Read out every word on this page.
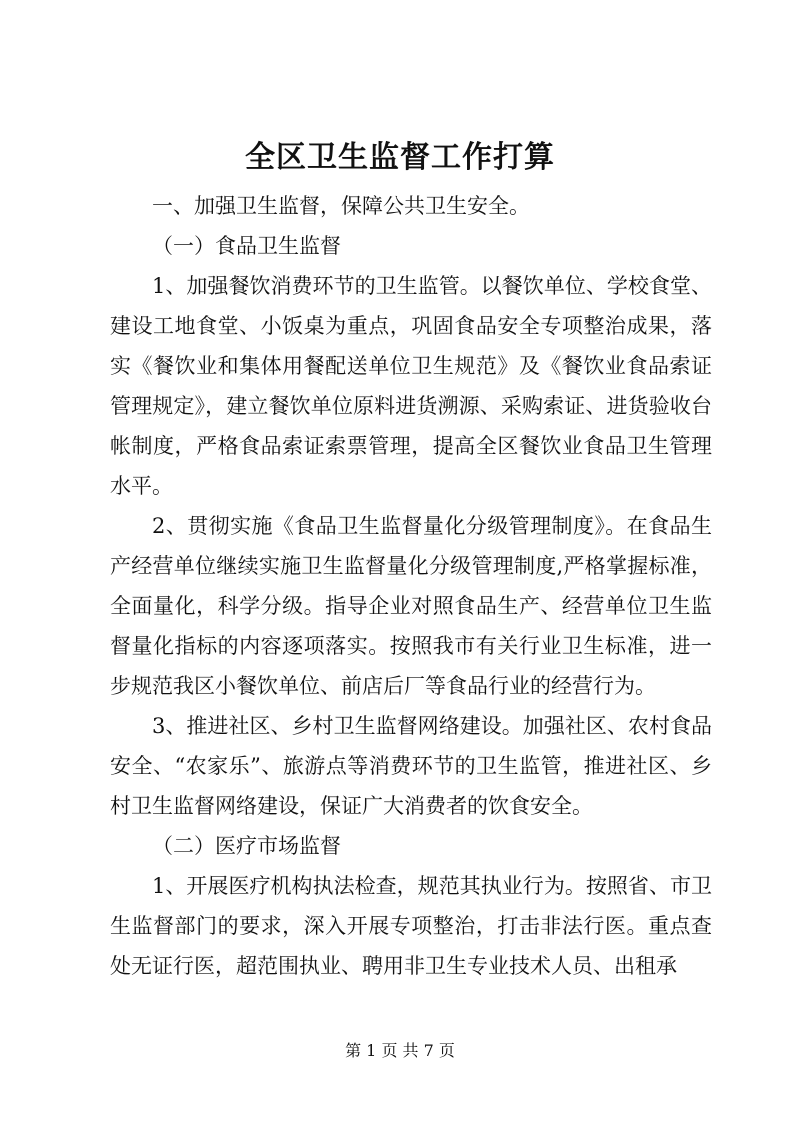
全区卫生监督工作打算

一、加强卫生监督，保障公共卫生安全。

（一）食品卫生监督

1、加强餐饮消费环节的卫生监管。以餐饮单位、学校食堂、建设工地食堂、小饭桌为重点，巩固食品安全专项整治成果，落实《餐饮业和集体用餐配送单位卫生规范》及《餐饮业食品索证管理规定》，建立餐饮单位原料进货溯源、采购索证、进货验收台帐制度，严格食品索证索票管理，提高全区餐饮业食品卫生管理水平。

2、贯彻实施《食品卫生监督量化分级管理制度》。在食品生产经营单位继续实施卫生监督量化分级管理制度,严格掌握标准，全面量化，科学分级。指导企业对照食品生产、经营单位卫生监督量化指标的内容逐项落实。按照我市有关行业卫生标准，进一步规范我区小餐饮单位、前店后厂等食品行业的经营行为。

3、推进社区、乡村卫生监督网络建设。加强社区、农村食品安全、“农家乐”、旅游点等消费环节的卫生监管，推进社区、乡村卫生监督网络建设，保证广大消费者的饮食安全。

（二）医疗市场监督

1、开展医疗机构执法检查，规范其执业行为。按照省、市卫生监督部门的要求，深入开展专项整治，打击非法行医。重点查处无证行医，超范围执业、聘用非卫生专业技术人员、出租承

第 1 页 共 7 页
